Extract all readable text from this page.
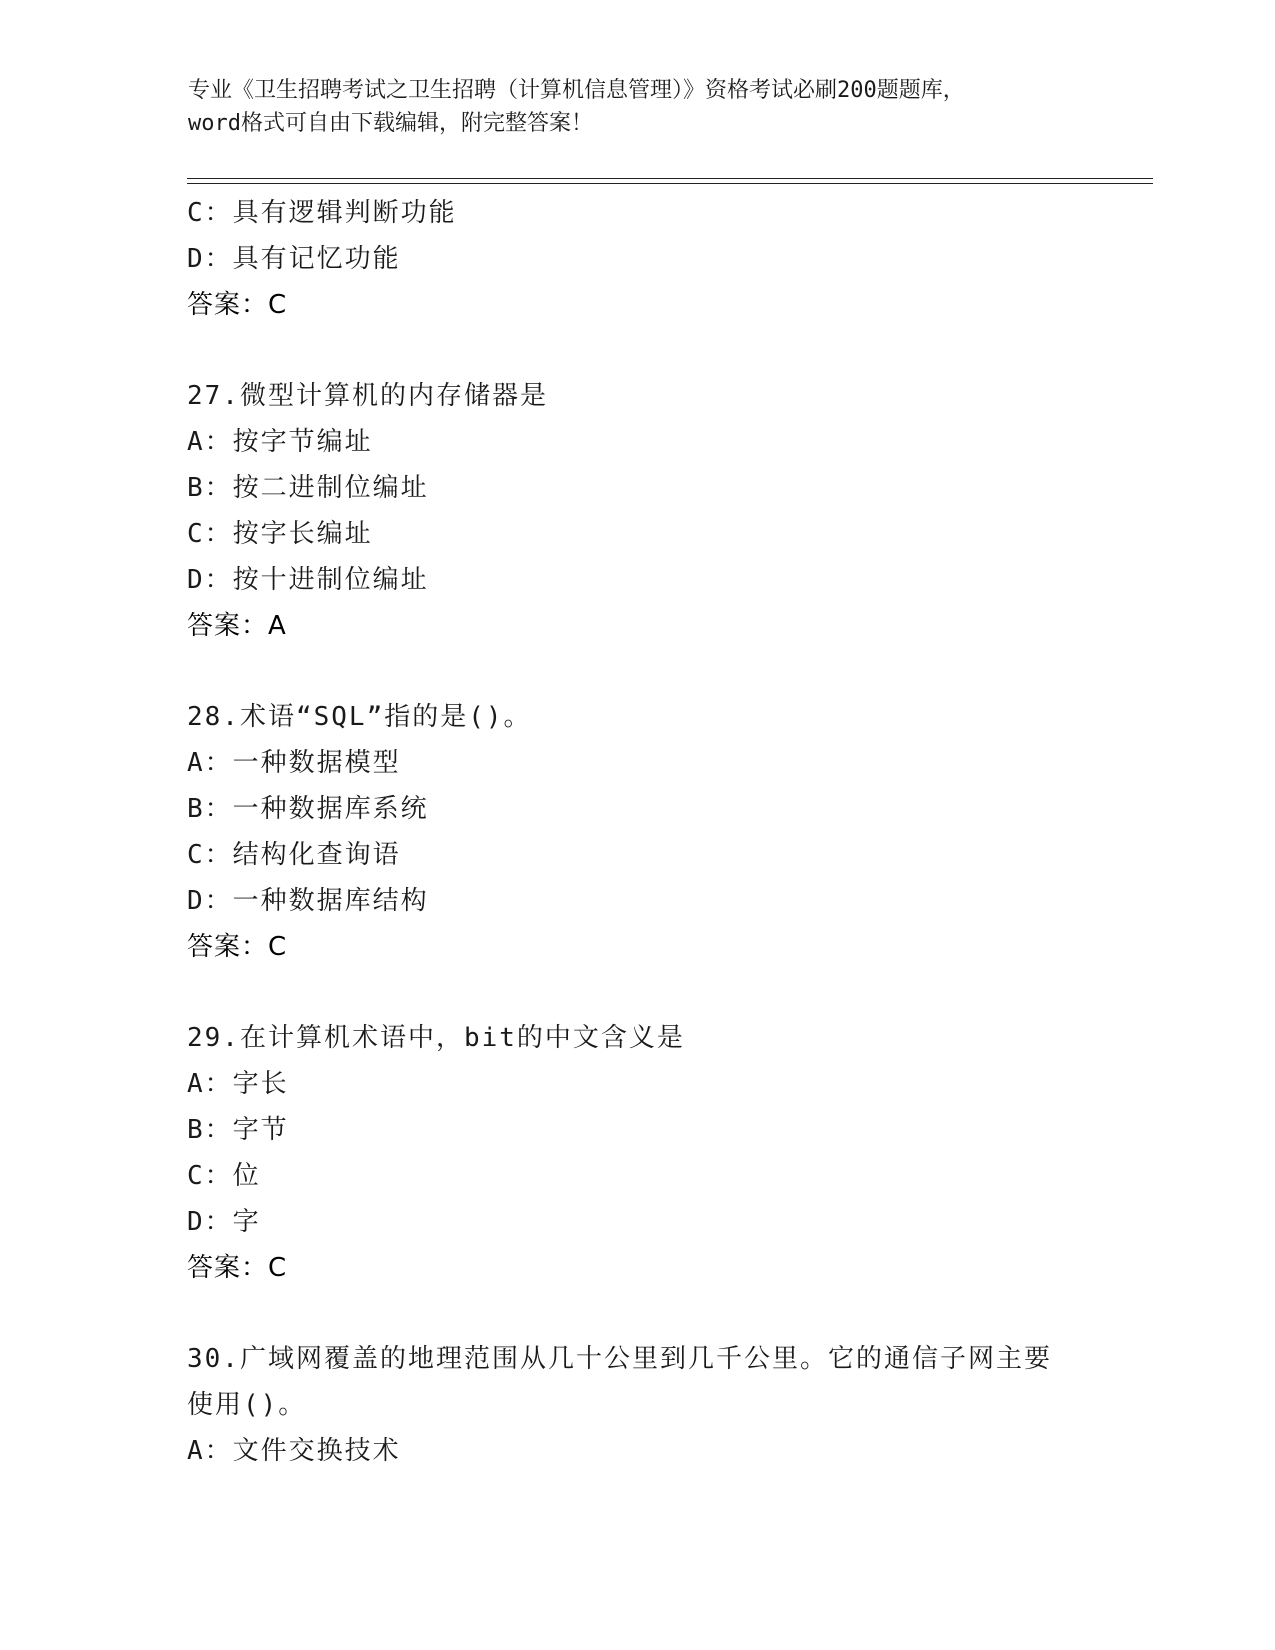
专业《卫生招聘考试之卫生招聘（计算机信息管理）》资格考试必刷200题题库，
word格式可自由下载编辑，附完整答案！
C：具有逻辑判断功能
D：具有记忆功能
答案：C
27.微型计算机的内存储器是
A：按字节编址
B：按二进制位编址
C：按字长编址
D：按十进制位编址
答案：A
28.术语“SQL”指的是()。
A：一种数据模型
B：一种数据库系统
C：结构化查询语
D：一种数据库结构
答案：C
29.在计算机术语中，bit的中文含义是
A：字长
B：字节
C：位
D：字
答案：C
30.广域网覆盖的地理范围从几十公里到几千公里。它的通信子网主要
使用()。
A：文件交换技术
